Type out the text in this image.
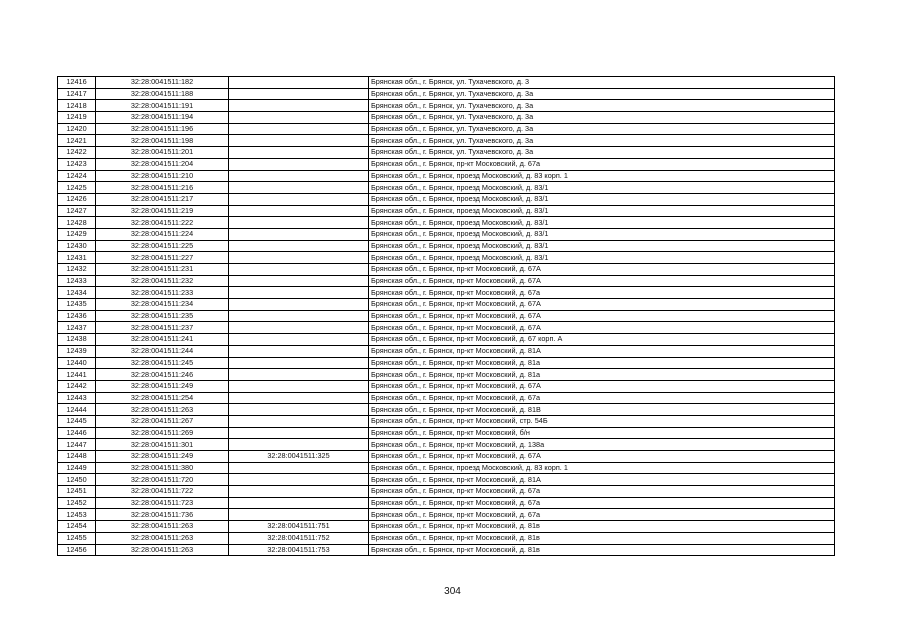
12416	32:28:0041511:182		Брянская обл., г. Брянск, ул. Тухачевского, д. 3
12417	32:28:0041511:188		Брянская обл., г. Брянск, ул. Тухачевского, д. 3а
12418	32:28:0041511:191		Брянская обл., г. Брянск, ул. Тухачевского, д. 3а
12419	32:28:0041511:194		Брянская обл., г. Брянск, ул. Тухачевского, д. 3а
12420	32:28:0041511:196		Брянская обл., г. Брянск, ул. Тухачевского, д. 3а
12421	32:28:0041511:198		Брянская обл., г. Брянск, ул. Тухачевского, д. 3а
12422	32:28:0041511:201		Брянская обл., г. Брянск, ул. Тухачевского, д. 3а
12423	32:28:0041511:204		Брянская обл., г. Брянск, пр-кт Московский, д. 67а
12424	32:28:0041511:210		Брянская обл., г. Брянск, проезд Московский, д. 83 корп. 1
12425	32:28:0041511:216		Брянская обл., г. Брянск, проезд Московский, д. 83/1
12426	32:28:0041511:217		Брянская обл., г. Брянск, проезд Московский, д. 83/1
12427	32:28:0041511:219		Брянская обл., г. Брянск, проезд Московский, д. 83/1
12428	32:28:0041511:222		Брянская обл., г. Брянск, проезд Московский, д. 83/1
12429	32:28:0041511:224		Брянская обл., г. Брянск, проезд Московский, д. 83/1
12430	32:28:0041511:225		Брянская обл., г. Брянск, проезд Московский, д. 83/1
12431	32:28:0041511:227		Брянская обл., г. Брянск, проезд Московский, д. 83/1
12432	32:28:0041511:231		Брянская обл., г. Брянск, пр-кт Московский, д. 67А
12433	32:28:0041511:232		Брянская обл., г. Брянск, пр-кт Московский, д. 67А
12434	32:28:0041511:233		Брянская обл., г. Брянск, пр-кт Московский, д. 67а
12435	32:28:0041511:234		Брянская обл., г. Брянск, пр-кт Московский, д. 67А
12436	32:28:0041511:235		Брянская обл., г. Брянск, пр-кт Московский, д. 67А
12437	32:28:0041511:237		Брянская обл., г. Брянск, пр-кт Московский, д. 67А
12438	32:28:0041511:241		Брянская обл., г. Брянск, пр-кт Московский, д. 67 корп. А
12439	32:28:0041511:244		Брянская обл., г. Брянск, пр-кт Московский, д. 81А
12440	32:28:0041511:245		Брянская обл., г. Брянск, пр-кт Московский, д. 81а
12441	32:28:0041511:246		Брянская обл., г. Брянск, пр-кт Московский, д. 81а
12442	32:28:0041511:249		Брянская обл., г. Брянск, пр-кт Московский, д. 67А
12443	32:28:0041511:254		Брянская обл., г. Брянск, пр-кт Московский, д. 67а
12444	32:28:0041511:263		Брянская обл., г. Брянск, пр-кт Московский, д. 81В
12445	32:28:0041511:267		Брянская обл., г. Брянск, пр-кт Московский, стр. 54Б
12446	32:28:0041511:269		Брянская обл., г. Брянск, пр-кт Московский, б/н
12447	32:28:0041511:301		Брянская обл., г. Брянск, пр-кт Московский, д. 138а
12448	32:28:0041511:249	32:28:0041511:325	Брянская обл., г. Брянск, пр-кт Московский, д. 67А
12449	32:28:0041511:380		Брянская обл., г. Брянск, проезд Московский, д. 83 корп. 1
12450	32:28:0041511:720		Брянская обл., г. Брянск, пр-кт Московский, д. 81А
12451	32:28:0041511:722		Брянская обл., г. Брянск, пр-кт Московский, д. 67а
12452	32:28:0041511:723		Брянская обл., г. Брянск, пр-кт Московский, д. 67а
12453	32:28:0041511:736		Брянская обл., г. Брянск, пр-кт Московский, д. 67а
12454	32:28:0041511:263	32:28:0041511:751	Брянская обл., г. Брянск, пр-кт Московский, д. 81в
12455	32:28:0041511:263	32:28:0041511:752	Брянская обл., г. Брянск, пр-кт Московский, д. 81в
12456	32:28:0041511:263	32:28:0041511:753	Брянская обл., г. Брянск, пр-кт Московский, д. 81в
304
